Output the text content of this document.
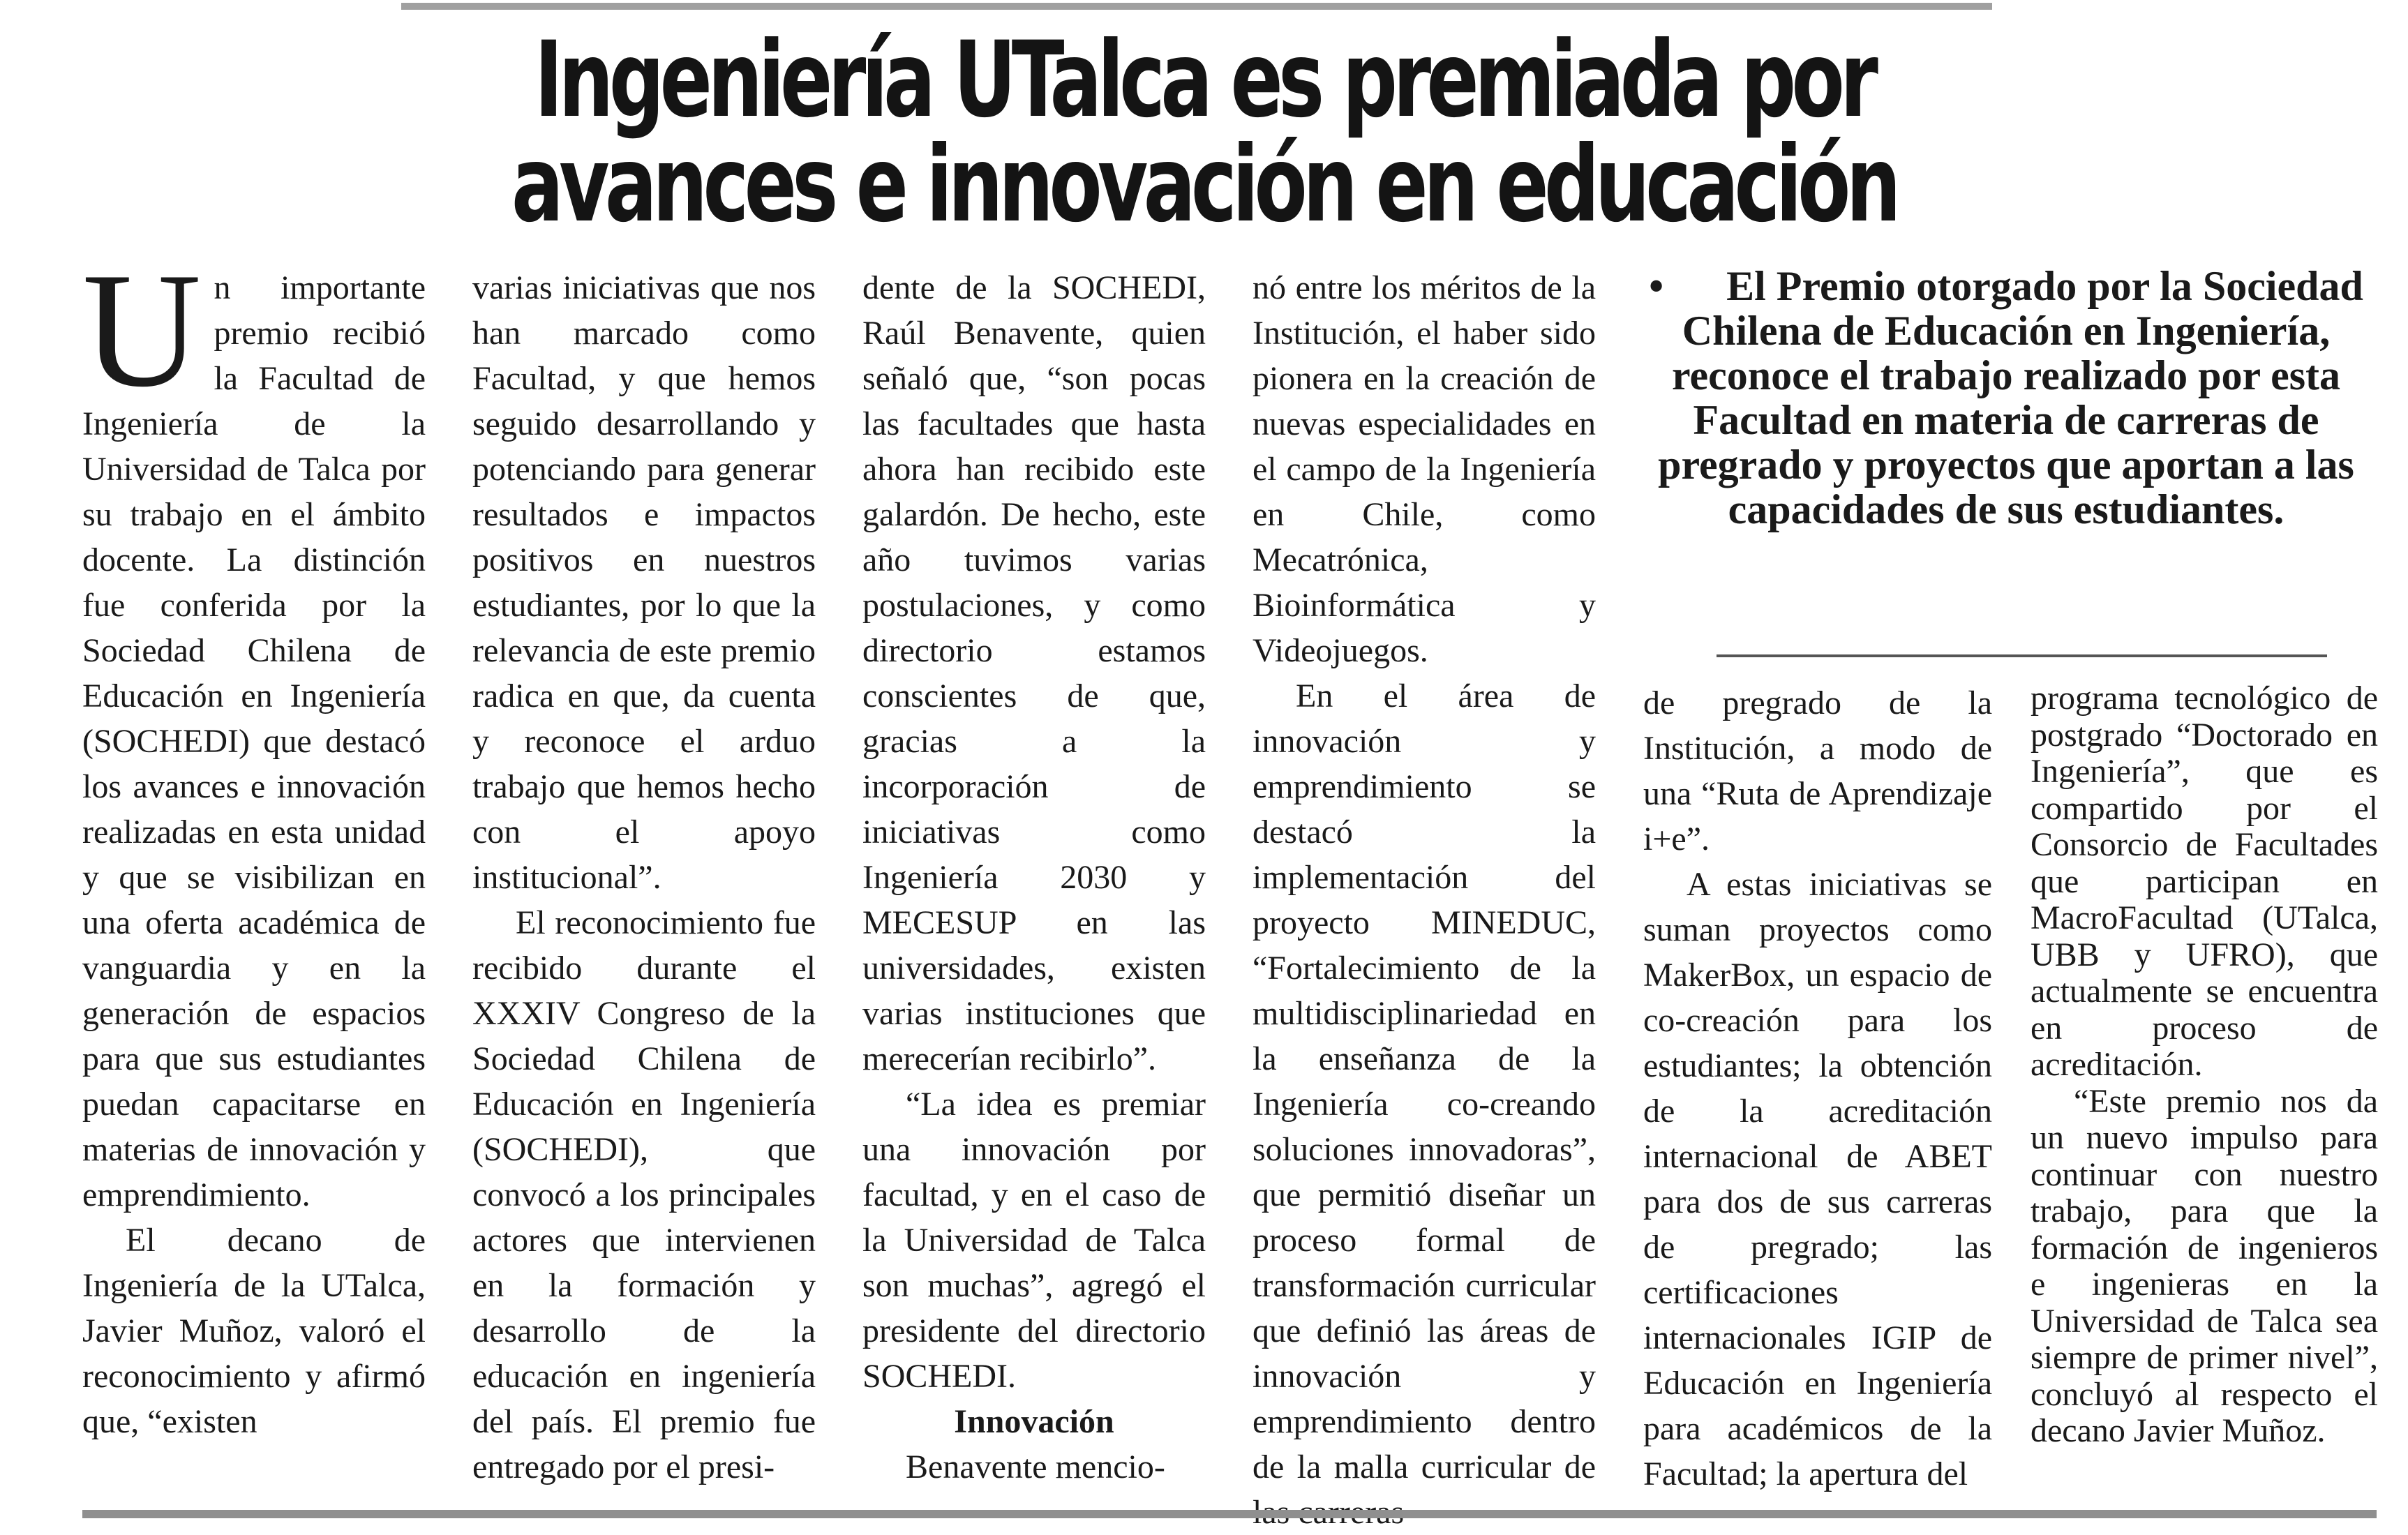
Ingeniería UTalca es premiada por
avances e innovación en educación

Un importante premio recibió la Facultad de Ingeniería de la Universidad de Talca por su trabajo en el ámbito docente. La distinción fue conferida por la Sociedad Chilena de Educación en Ingeniería (SOCHEDI) que destacó los avances e innovación realizadas en esta unidad y que se visibilizan en una oferta académica de vanguardia y en la generación de espacios para que sus estudiantes puedan capacitarse en materias de innovación y emprendimiento.

El decano de Ingeniería de la UTalca, Javier Muñoz, valoró el reconocimiento y afirmó que, “existen

varias iniciativas que nos han marcado como Facultad, y que hemos seguido desarrollando y potenciando para generar resultados e impactos positivos en nuestros estudiantes, por lo que la relevancia de este premio radica en que, da cuenta y reconoce el arduo trabajo que hemos hecho con el apoyo institucional”.

El reconocimiento fue recibido durante el XXXIV Congreso de la Sociedad Chilena de Educación en Ingeniería (SOCHEDI), que convocó a los principales actores que intervienen en la formación y desarrollo de la educación en ingeniería del país. El premio fue entregado por el presi-

dente de la SOCHEDI, Raúl Benavente, quien señaló que, “son pocas las facultades que hasta ahora han recibido este galardón. De hecho, este año tuvimos varias postulaciones, y como directorio estamos conscientes de que, gracias a la incorporación de iniciativas como Ingeniería 2030 y MECESUP en las universidades, existen varias instituciones que merecerían recibirlo”.

“La idea es premiar una innovación por facultad, y en el caso de la Universidad de Talca son muchas”, agregó el presidente del directorio SOCHEDI.

Innovación

Benavente mencio-

nó entre los méritos de la Institución, el haber sido pionera en la creación de nuevas especialidades en el campo de la Ingeniería en Chile, como Mecatrónica, Bioinformática y Videojuegos.

En el área de innovación y emprendimiento se destacó la implementación del proyecto MINEDUC, “Fortalecimiento de la multidisciplinariedad en la enseñanza de la Ingeniería co-creando soluciones innovadoras”, que permitió diseñar un proceso formal de transformación curricular que definió las áreas de innovación y emprendimiento dentro de la malla curricular de

• El Premio otorgado por la Sociedad Chilena de Educación en Ingeniería, reconoce el trabajo realizado por esta Facultad en materia de carreras de pregrado y proyectos que aportan a las capacidades de sus estudiantes.

de pregrado de la Institución, a modo de una “Ruta de Aprendizaje i+e”.

A estas iniciativas se suman proyectos como MakerBox, un espacio de co-creación para los estudiantes; la obtención de la acreditación internacional de ABET para dos de sus carreras de pregrado; las certificaciones internacionales IGIP de Educación en Ingeniería para académicos de la Facultad; la apertura del

programa tecnológico de postgrado “Doctorado en Ingeniería”, que es compartido por el Consorcio de Facultades que participan en MacroFacultad (UTalca, UBB y UFRO), que actualmente se encuentra en proceso de acreditación.

“Este premio nos da un nuevo impulso para continuar con nuestro trabajo, para que la formación de ingenieros e ingenieras en la Universidad de Talca sea siempre de primer nivel”, concluyó al respecto el decano Javier Muñoz.
